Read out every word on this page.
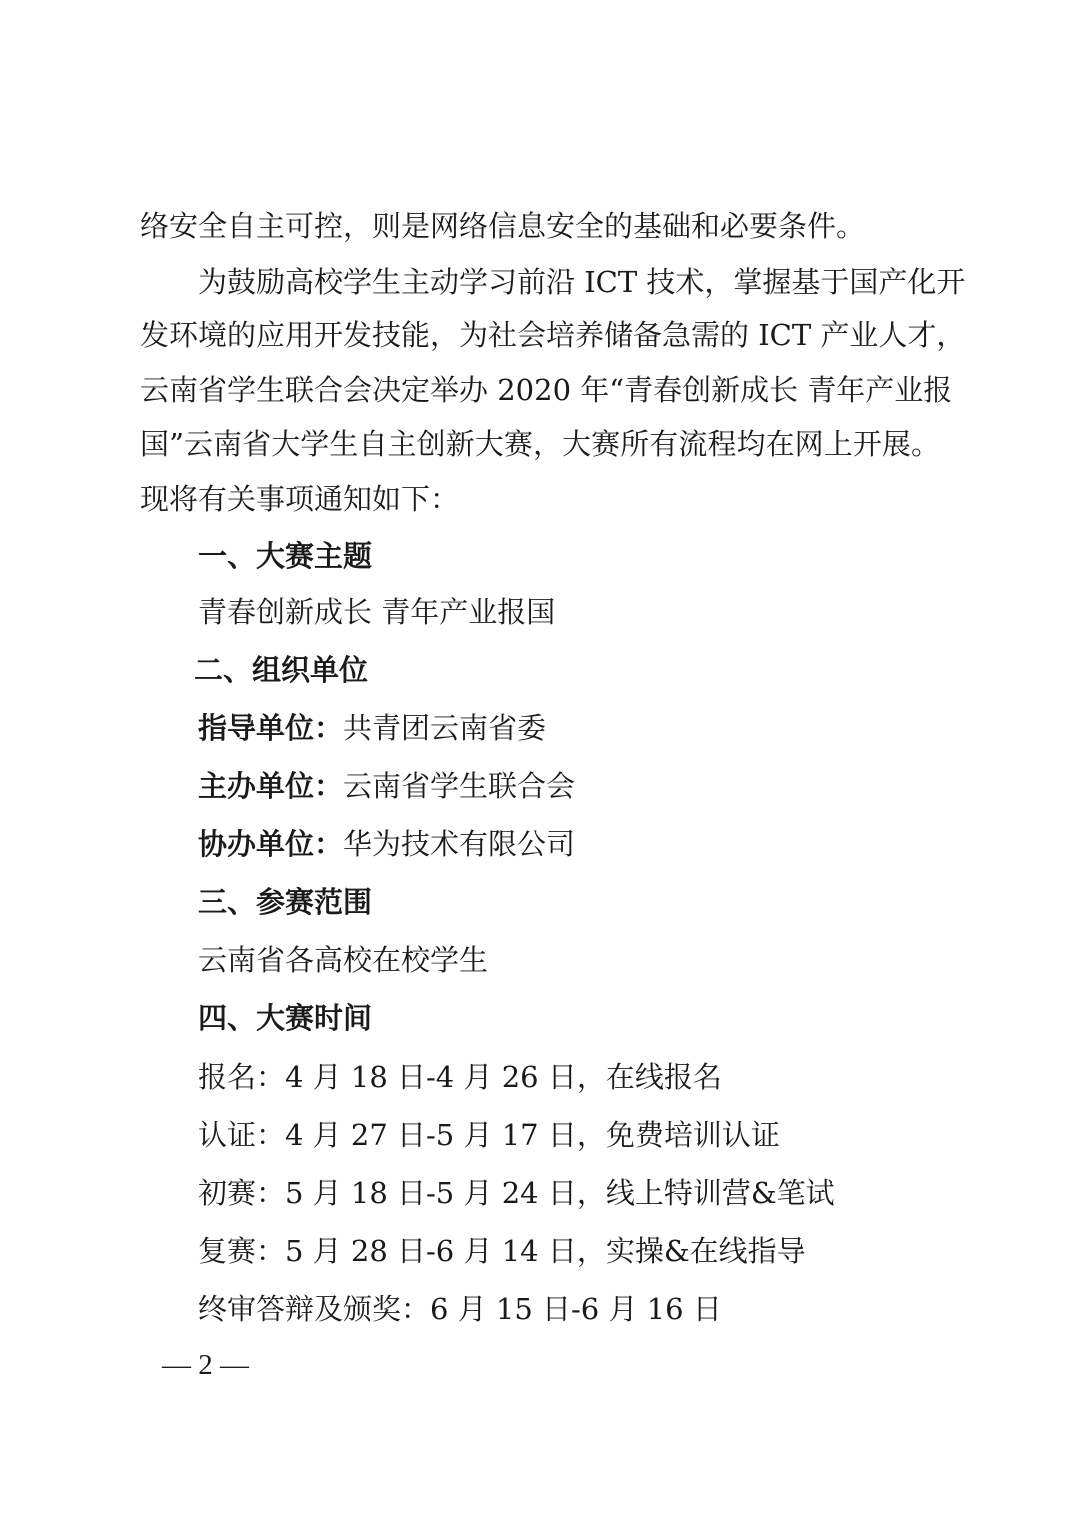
络安全自主可控，则是网络信息安全的基础和必要条件。
为鼓励高校学生主动学习前沿 ICT 技术，掌握基于国产化开
发环境的应用开发技能，为社会培养储备急需的 ICT 产业人才，
云南省学生联合会决定举办 2020 年“青春创新成长 青年产业报
国”云南省大学生自主创新大赛，大赛所有流程均在网上开展。
现将有关事项通知如下：
一、大赛主题
青春创新成长 青年产业报国
二、组织单位
指导单位：共青团云南省委
主办单位：云南省学生联合会
协办单位：华为技术有限公司
三、参赛范围
云南省各高校在校学生
四、大赛时间
报名：4 月 18 日-4 月 26 日，在线报名
认证：4 月 27 日-5 月 17 日，免费培训认证
初赛：5 月 18 日-5 月 24 日，线上特训营&笔试
复赛：5 月 28 日-6 月 14 日，实操&在线指导
终审答辩及颁奖：6 月 15 日-6 月 16 日
— 2 —
